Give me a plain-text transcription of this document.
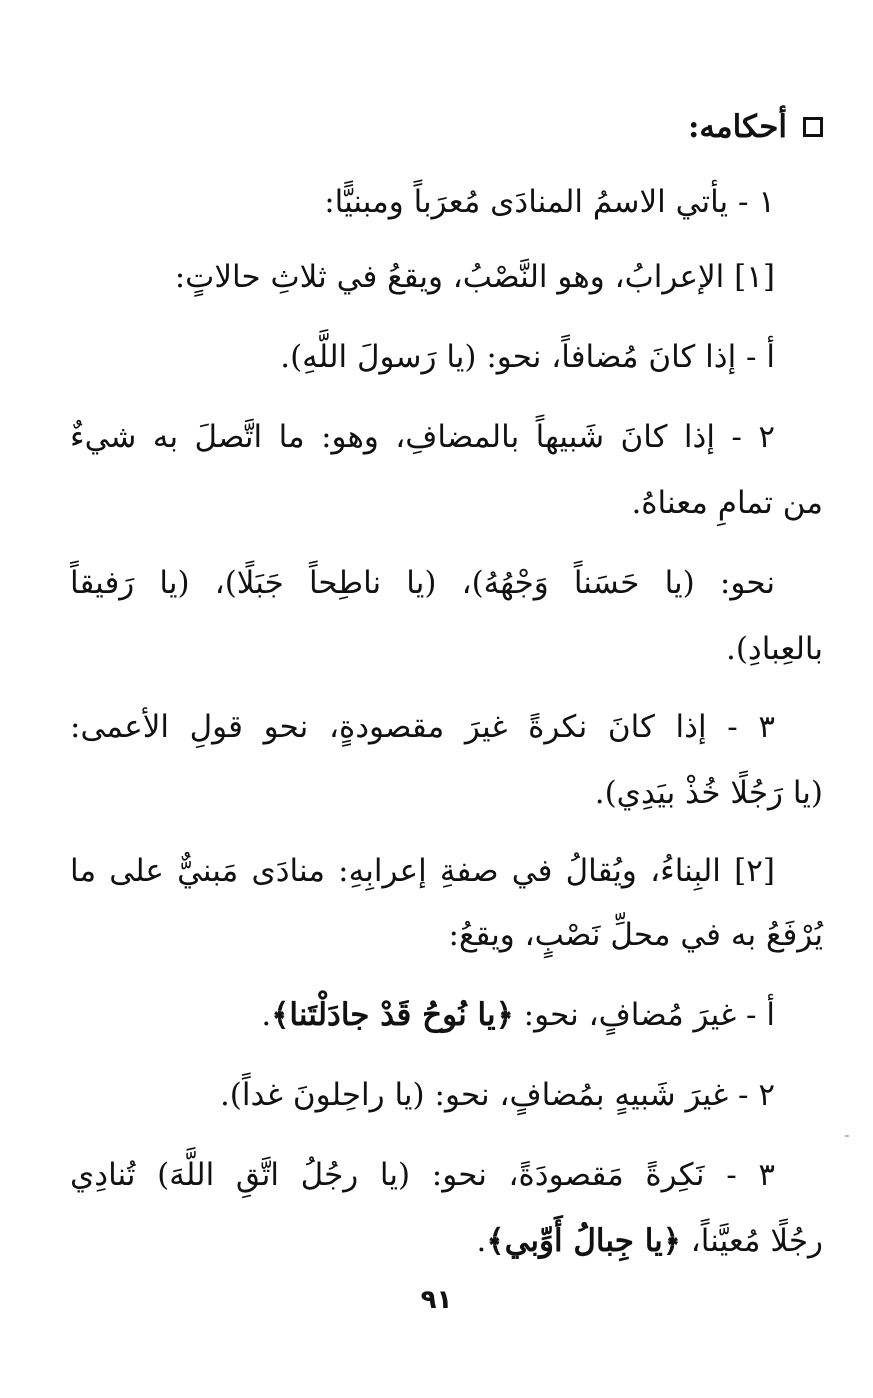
أحكامه:
١ - يأتي الاسمُ المنادَى مُعرَباً ومبنيًّا:
[١] الإعرابُ، وهو النَّصْبُ، ويقعُ في ثلاثِ حالاتٍ:
أ - إذا كانَ مُضافاً، نحو: (يا رَسولَ اللَّهِ).
٢ - إذا كانَ شَبيهاً بالمضافِ، وهو: ما اتَّصلَ به شيءٌ
من تمامِ معناهُ.
نحو: (يا حَسَناً وَجْهُهُ)، (يا ناطِحاً جَبَلًا)، (يا رَفيقاً
بالعِبادِ).
٣ - إذا كانَ نكرةً غيرَ مقصودةٍ، نحو قولِ الأعمى:
(يا رَجُلًا خُذْ بيَدِي).
[٢] البِناءُ، ويُقالُ في صفةِ إعرابِهِ: منادَى مَبنيٌّ على ما
يُرْفَعُ به في محلِّ نَصْبٍ، ويقعُ:
أ - غيرَ مُضافٍ، نحو: ﴿يا نُوحُ قَدْ جادَلْتَنا﴾.
٢ - غيرَ شَبيهٍ بمُضافٍ، نحو: (يا راحِلونَ غداً).
٣ - نَكِرةً مَقصودَةً، نحو: (يا رجُلُ اتَّقِ اللَّهَ) تُنادِي
رجُلًا مُعيَّناً، ﴿يا جِبالُ أَوِّبي﴾.
٩١
